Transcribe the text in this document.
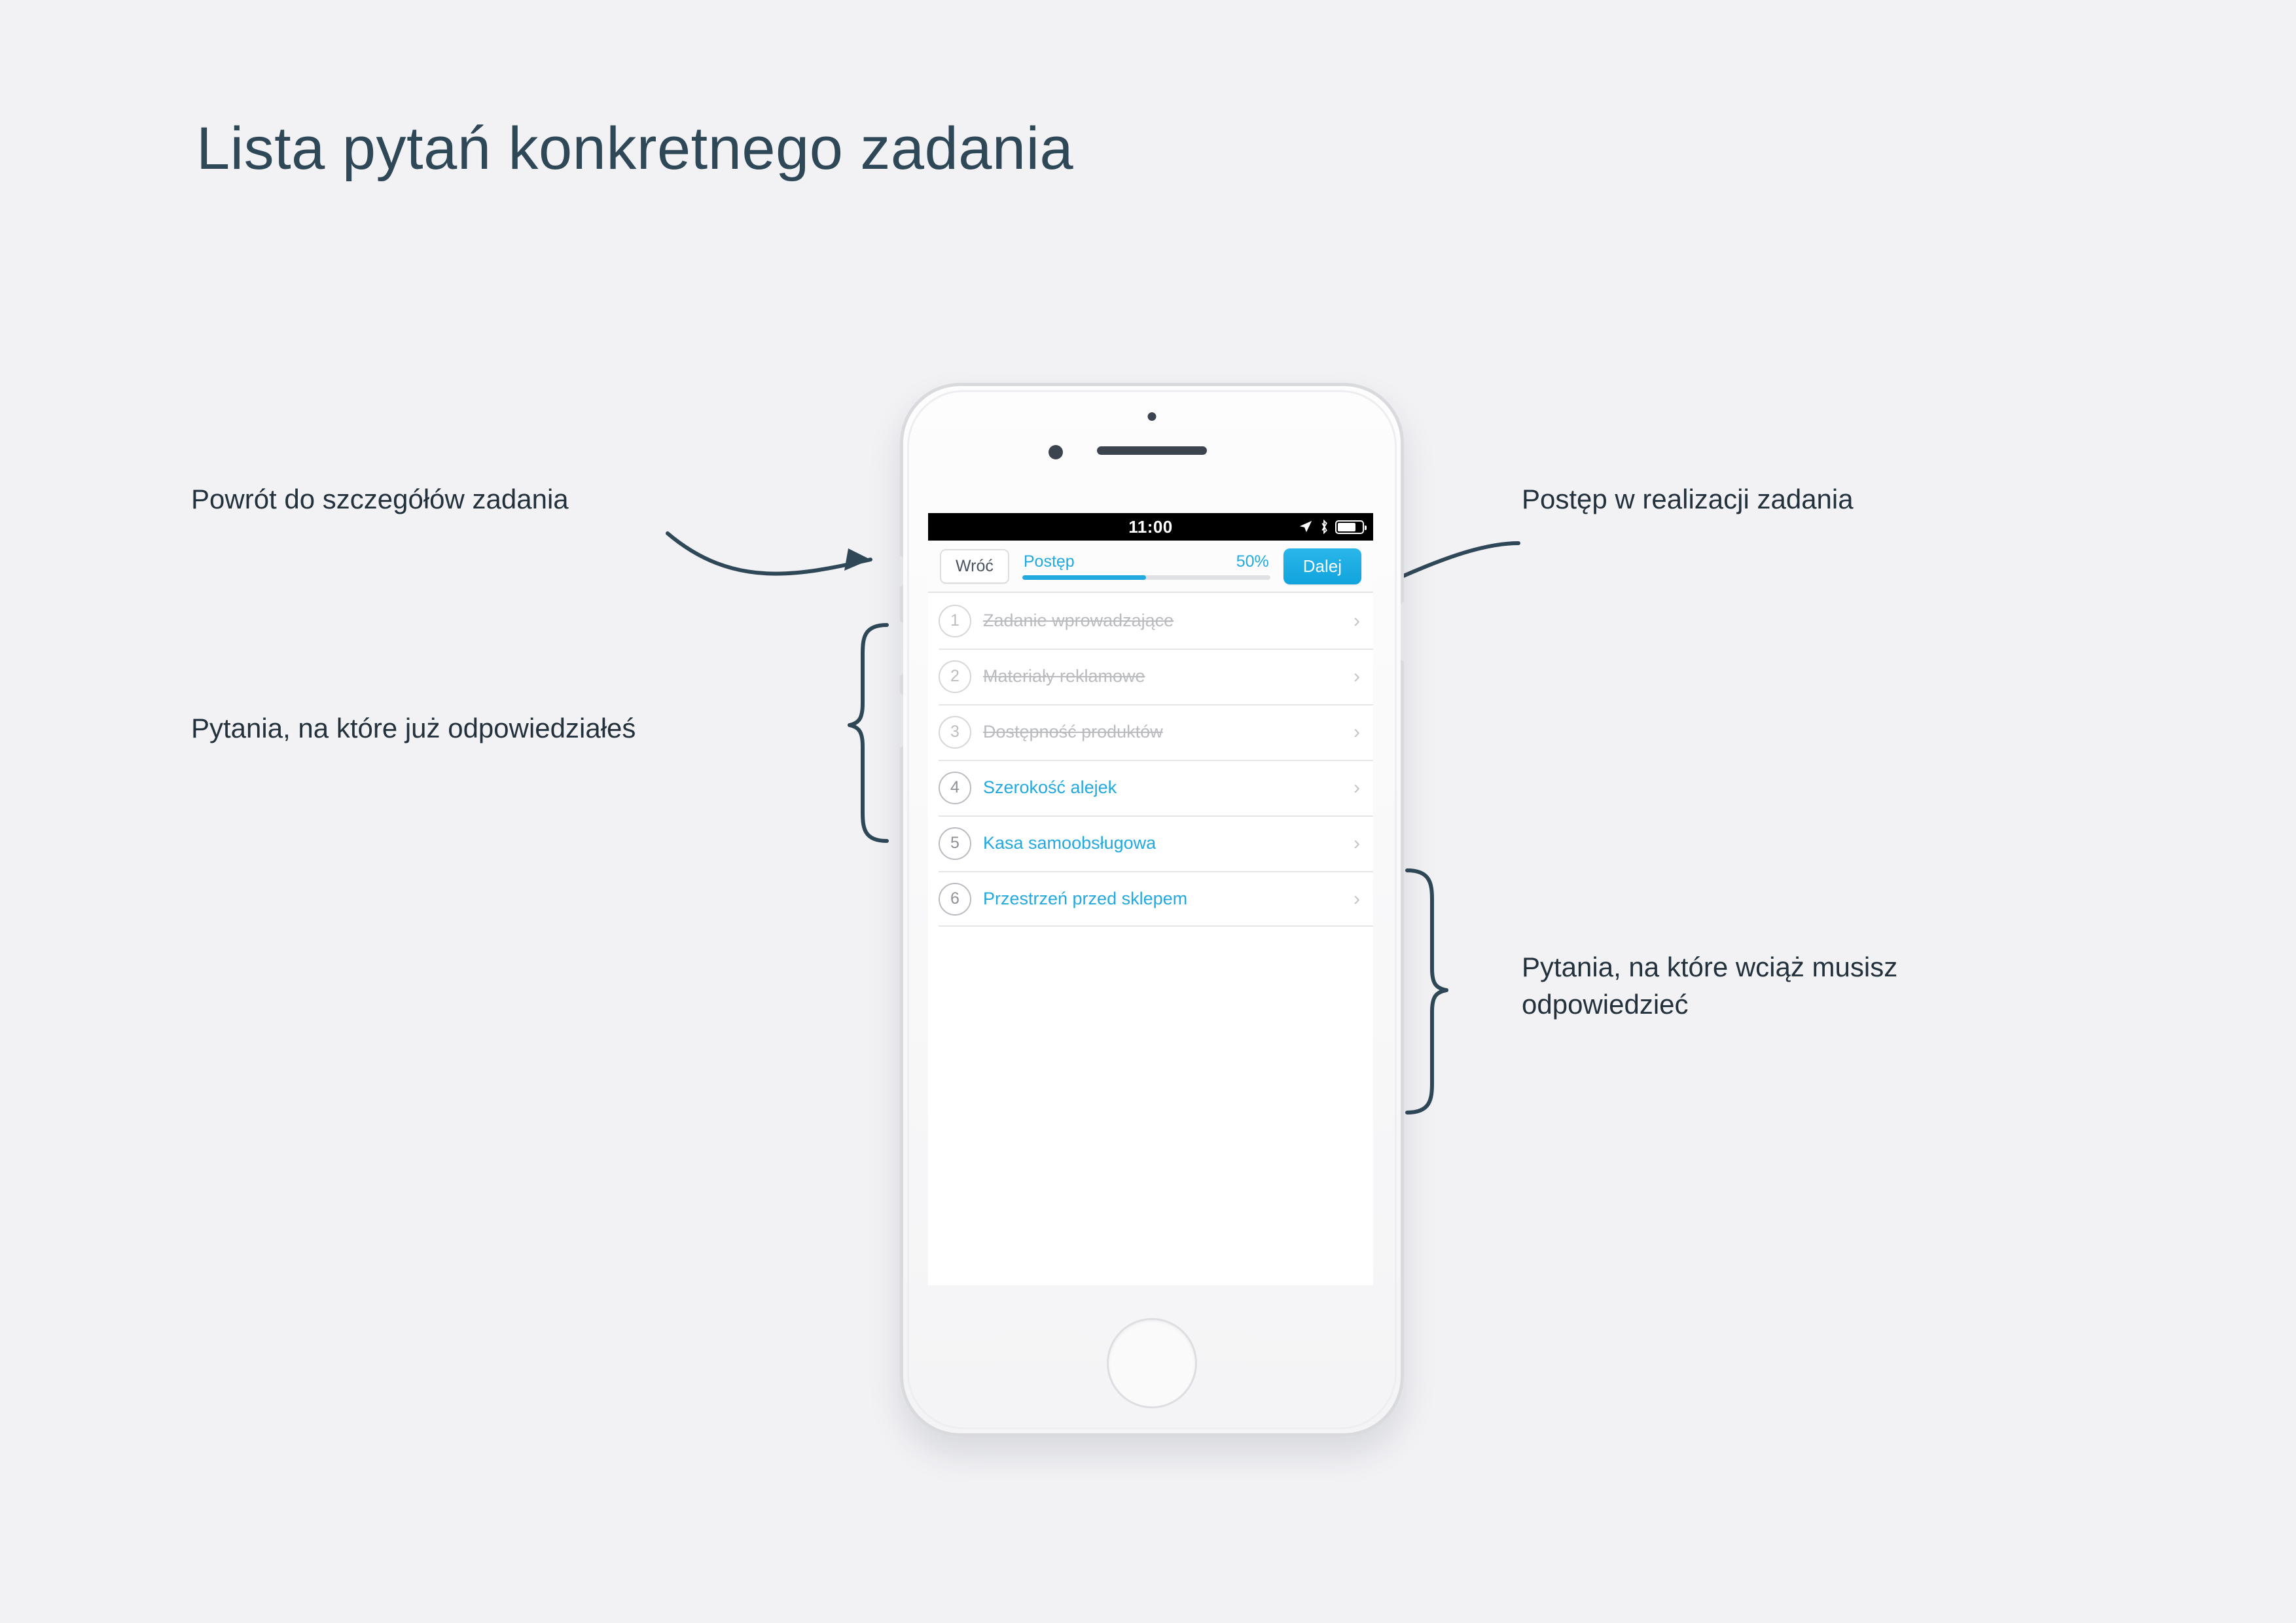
Lista pytań konkretnego zadania
Powrót do szczegółów zadania
Pytania, na które już odpowiedziałeś
Postęp w realizacji zadania
Pytania, na które wciąż musisz odpowiedzieć
11:00
Wróć	Postęp	50%	Dalej
1	Zadanie wprowadzające	›
2	Materiały reklamowe	›
3	Dostępność produktów	›
4	Szerokość alejek	›
5	Kasa samoobsługowa	›
6	Przestrzeń przed sklepem	›
